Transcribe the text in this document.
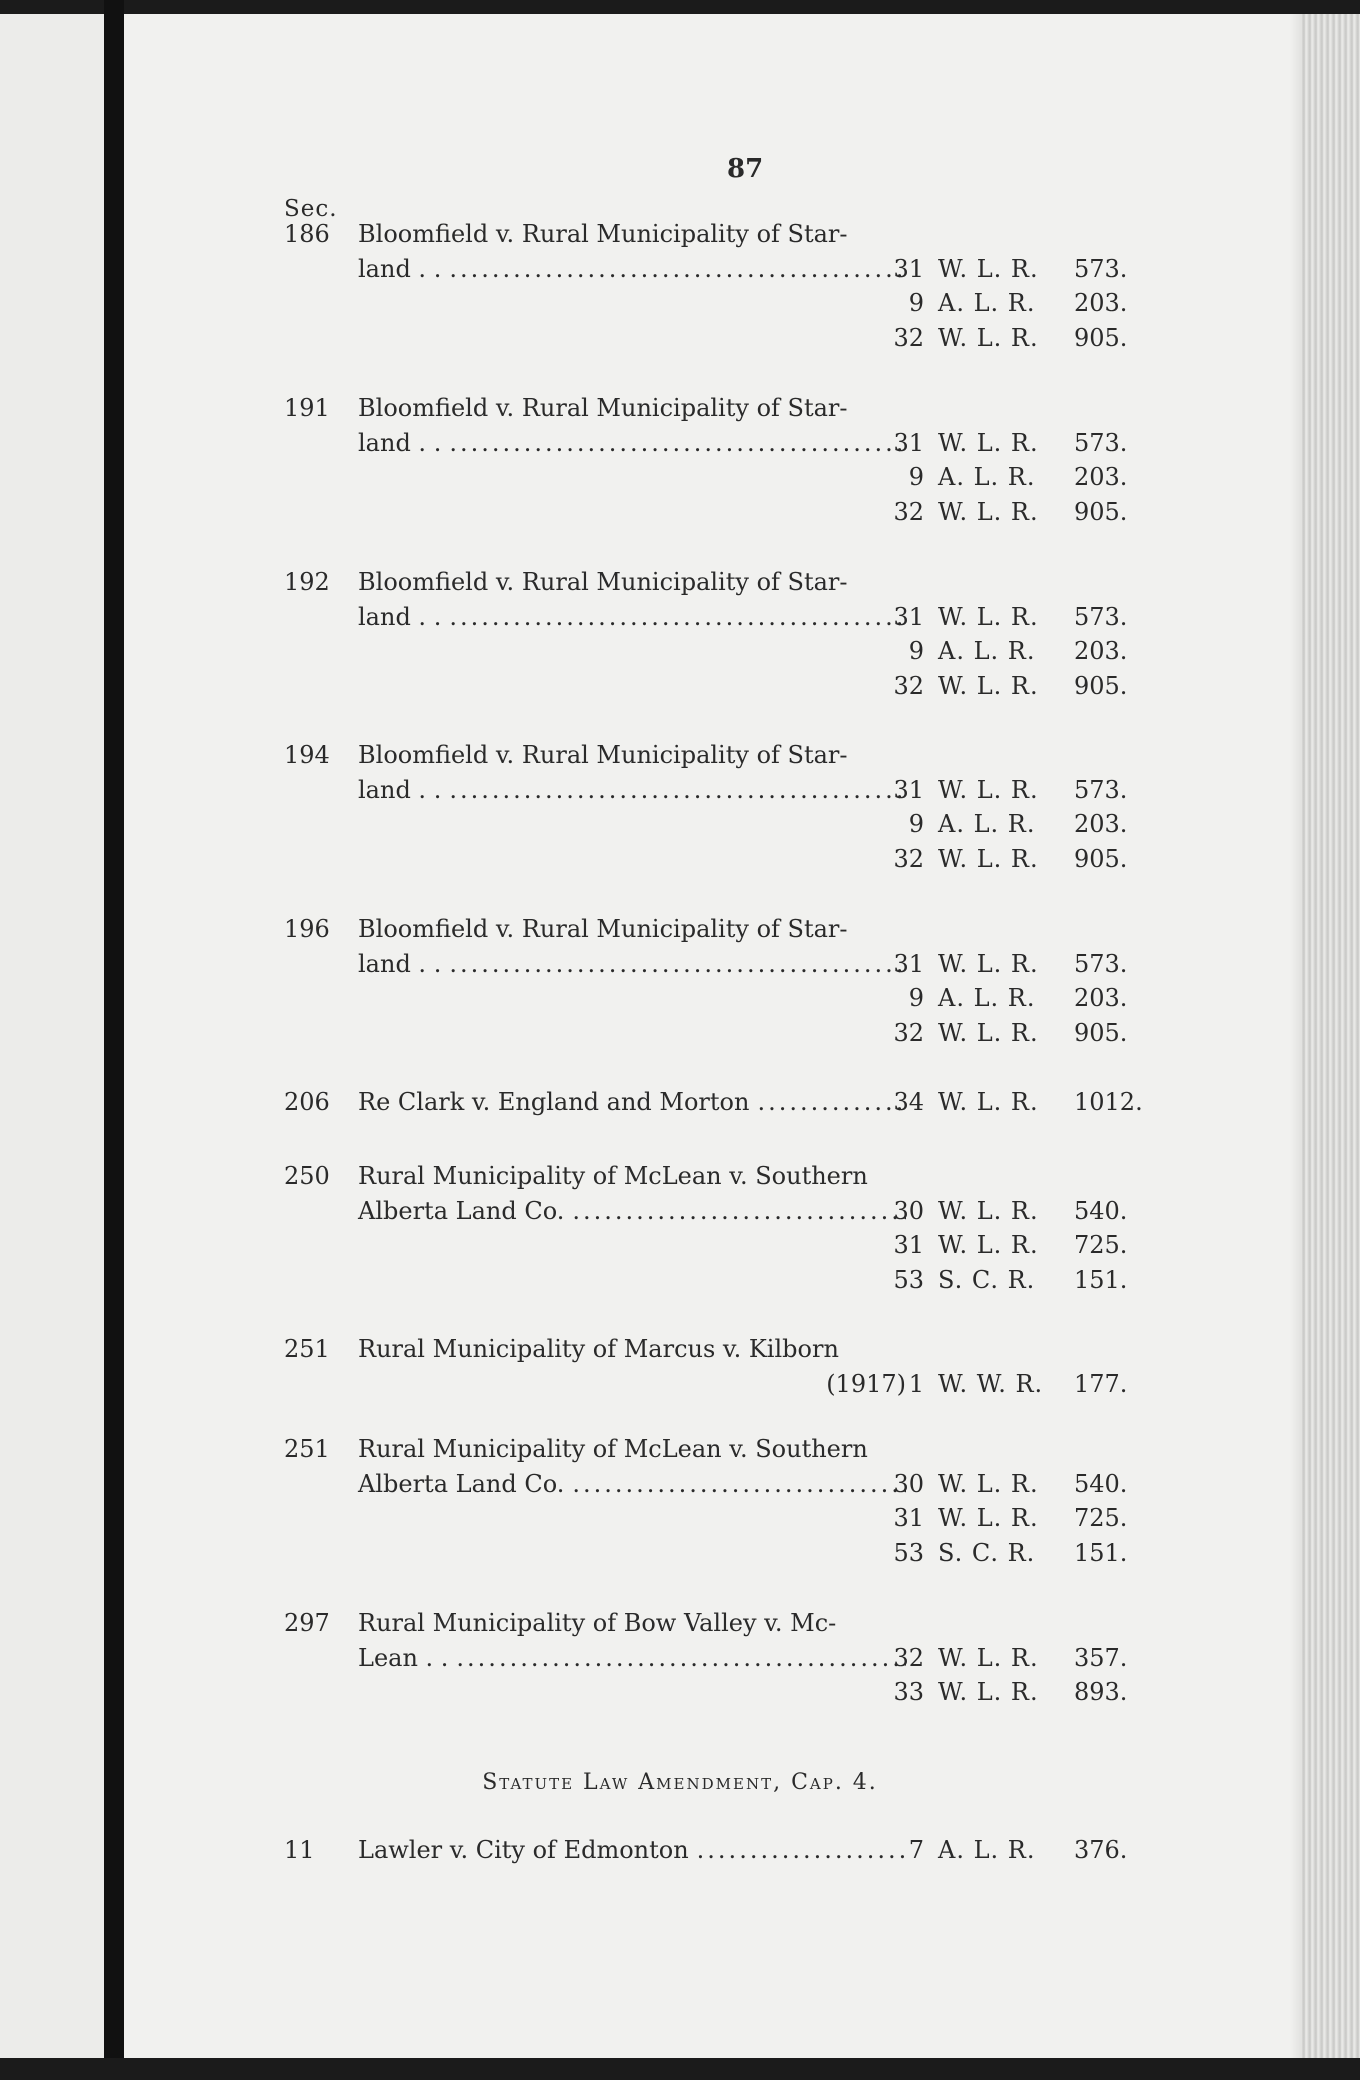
87
Sec.
186	Bloomfield v. Rural Municipality of Star-
land . . .....	31 W. L. R.	573.
9 A. L. R.	203.
32 W. L. R.	905.
191	Bloomfield v. Rural Municipality of Star-
land . . .....	31 W. L. R.	573.
9 A. L. R.	203.
32 W. L. R.	905.
192	Bloomfield v. Rural Municipality of Star-
land . . .....	31 W. L. R.	573.
9 A. L. R.	203.
32 W. L. R.	905.
194	Bloomfield v. Rural Municipality of Star-
land . . .....	31 W. L. R.	573.
9 A. L. R.	203.
32 W. L. R.	905.
196	Bloomfield v. Rural Municipality of Star-
land . . .....	31 W. L. R.	573.
9 A. L. R.	203.
32 W. L. R.	905.
206	Re Clark v. England and Morton .....	34 W. L. R.	1012.
250	Rural Municipality of McLean v. Southern
Alberta Land Co. .....	30 W. L. R.	540.
31 W. L. R.	725.
53 S. C. R.	151.
251	Rural Municipality of Marcus v. Kilborn
(1917) 1 W. W. R.	177.
251	Rural Municipality of McLean v. Southern
Alberta Land Co. .....	30 W. L. R.	540.
31 W. L. R.	725.
53 S. C. R.	151.
297	Rural Municipality of Bow Valley v. Mc-
Lean . . .....	32 W. L. R.	357.
33 W. L. R.	893.
11	Lawler v. City of Edmonton .....	7 A. L. R.	376.
Statute Law Amendment, Cap. 4.
